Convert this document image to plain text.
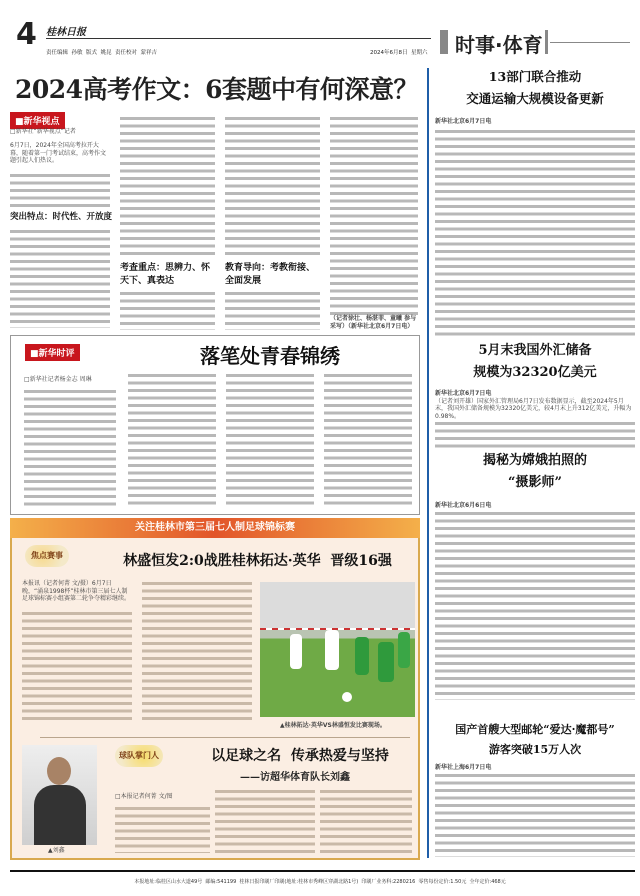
4 桂林日报
责任编辑  孙敏  版式  姚昆  责任校对  蒙祥吉	2024年6月8日  星期六 时事·体育
2024高考作文：6套题中有何深意？
■新华视点
□新华社“新华视点”记者
6月7日，2024年全国高考拉开大幕，随着第一门考试结束，高考作文题引起人们热议。
突出特点：时代性、开放度
考查重点：思辨力、怀天下、真表达
教育导向：考教衔接、全面发展
（记者徐壮、杨湛菲、童曦 参与采写）（新华社北京6月7日电）
■新华时评	落笔处青春锦绣
□新华社记者杨金志 周琳
关注桂林市第三届七人制足球锦标赛
焦点赛事	林盛恒发2:0战胜桂林拓达·英华  晋级16强
本报讯（记者何菁 文/摄）6月7日晚，“涌泉1998杯”桂林市第三届七人制足球锦标赛小组赛第二轮争夺精彩继续。
▲桂林拓达·英华VS林盛恒发比赛现场。
▲刘鑫
球队掌门人	以足球之名  传承热爱与坚持
——访超华体育队长刘鑫
□本报记者何菁 文/图
13部门联合推动
交通运输大规模设备更新
新华社北京6月7日电
5月末我国外汇储备
规模为32320亿美元
新华社北京6月7日电
（记者刘开雄）国家外汇管理局6月7日发布数据显示，截至2024年5月末，我国外汇储备规模为32320亿美元，较4月末上升312亿美元，升幅为0.98%。
揭秘为嫦娥拍照的
“摄影师”
新华社北京6月6日电
国产首艘大型邮轮“爱达·魔都号”
游客突破15万人次
新华社上海6月7日电
本报地址:临桂区山水大道49号  邮编:541199  桂林日报印刷厂印刷(地址:桂林市秀峰区穿湖北路1号)  印刷厂业务科:2280216  零售每份定价:1.50元  全年定价:468元
